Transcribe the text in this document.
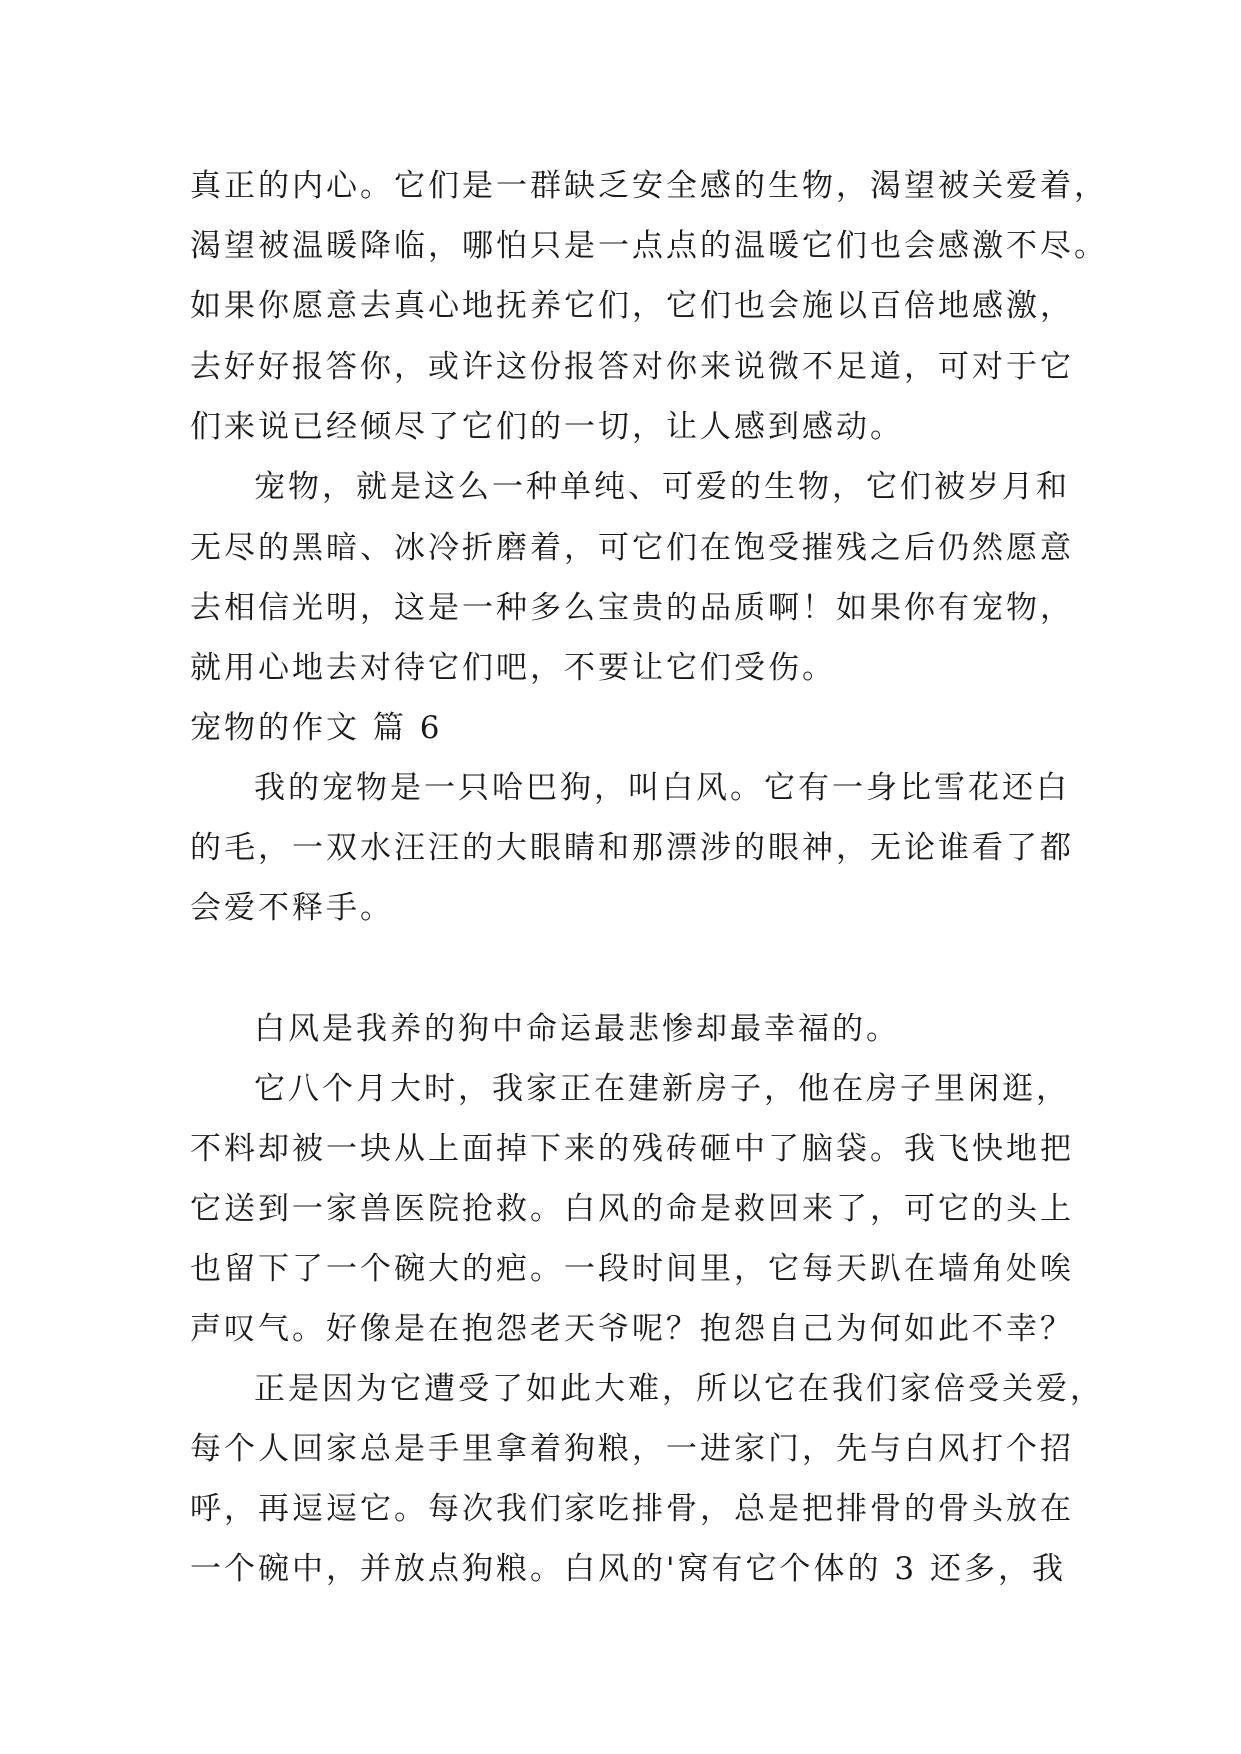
真正的内心。它们是一群缺乏安全感的生物，渴望被关爱着，
渴望被温暖降临，哪怕只是一点点的温暖它们也会感激不尽。
如果你愿意去真心地抚养它们，它们也会施以百倍地感激，
去好好报答你，或许这份报答对你来说微不足道，可对于它
们来说已经倾尽了它们的一切，让人感到感动。
宠物，就是这么一种单纯、可爱的生物，它们被岁月和
无尽的黑暗、冰冷折磨着，可它们在饱受摧残之后仍然愿意
去相信光明，这是一种多么宝贵的品质啊！如果你有宠物，
就用心地去对待它们吧，不要让它们受伤。
宠物的作文 篇 6
我的宠物是一只哈巴狗，叫白风。它有一身比雪花还白
的毛，一双水汪汪的大眼睛和那漂涉的眼神，无论谁看了都
会爱不释手。
白风是我养的狗中命运最悲惨却最幸福的。
它八个月大时，我家正在建新房子，他在房子里闲逛，
不料却被一块从上面掉下来的残砖砸中了脑袋。我飞快地把
它送到一家兽医院抢救。白风的命是救回来了，可它的头上
也留下了一个碗大的疤。一段时间里，它每天趴在墙角处唉
声叹气。好像是在抱怨老天爷呢？抱怨自己为何如此不幸？
正是因为它遭受了如此大难，所以它在我们家倍受关爱，
每个人回家总是手里拿着狗粮，一进家门，先与白风打个招
呼，再逗逗它。每次我们家吃排骨，总是把排骨的骨头放在
一个碗中，并放点狗粮。白风的'窝有它个体的 3 还多，我
